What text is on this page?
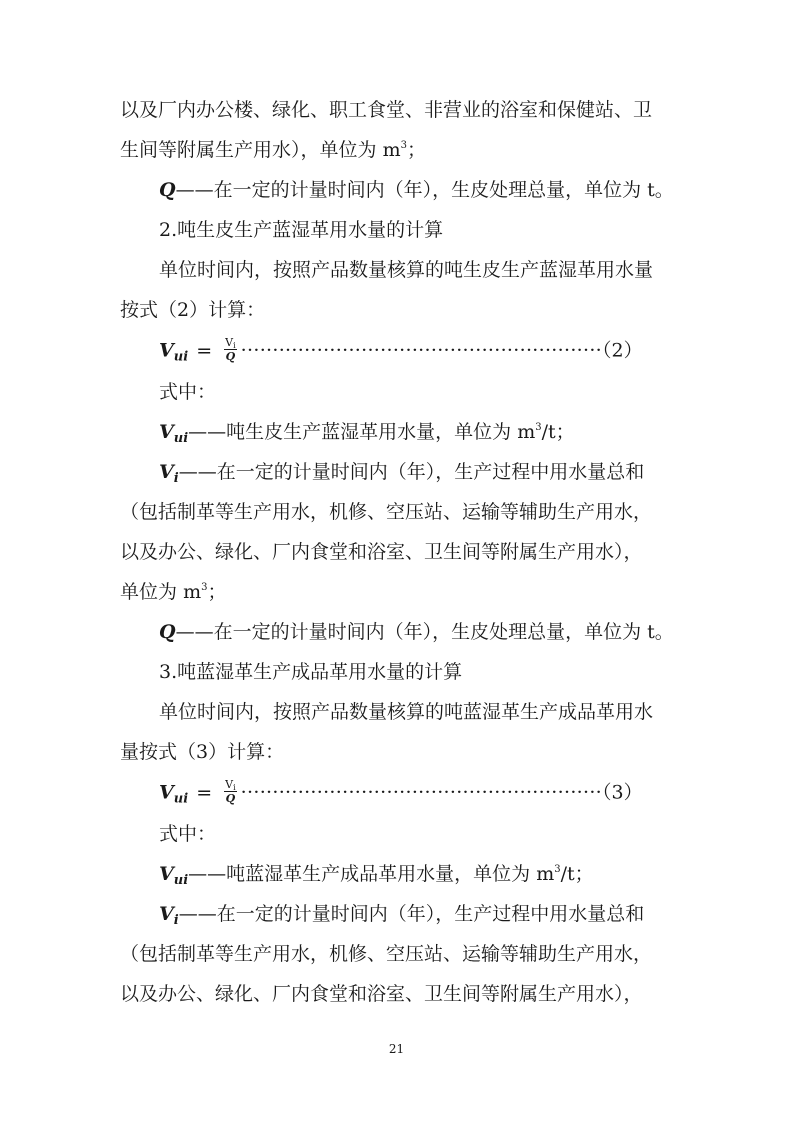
以及厂内办公楼、绿化、职工食堂、非营业的浴室和保健站、卫
生间等附属生产用水），单位为 $m^3$；
Q——在一定的计量时间内（年），生皮处理总量，单位为 t。
2.吨生皮生产蓝湿革用水量的计算
单位时间内，按照产品数量核算的吨生皮生产蓝湿革用水量
按式（2）计算：
$V_{ui} = \frac{V_i}{Q} \cdot\cdot\cdot\cdot\cdot\cdot\cdot\cdot\cdot\cdot\cdot\cdot\cdot\cdot\cdot\cdot\cdot\cdot\cdot\cdot\cdot\cdot\cdot\cdot\cdot\cdot\cdot\cdot\cdot\cdot\cdot\cdot\cdot\cdot\cdot\cdot\cdot\cdot\cdot\cdot\cdot\cdot\cdot\cdot\cdot\cdot\cdot\cdot\cdot\cdot\cdot\cdot\cdot\cdot\cdot\cdot\cdot(2)$
式中：
$V_{ui}——$吨生皮生产蓝湿革用水量，单位为 $m^3/t$；
$V_i——$在一定的计量时间内（年），生产过程中用水量总和
（包括制革等生产用水，机修、空压站、运输等辅助生产用水，
以及办公、绿化、厂内食堂和浴室、卫生间等附属生产用水），
单位为 $m^3$；
Q——在一定的计量时间内（年），生皮处理总量，单位为 t。
3.吨蓝湿革生产成品革用水量的计算
单位时间内，按照产品数量核算的吨蓝湿革生产成品革用水
量按式（3）计算：
$V_{ui} = \frac{V_i}{Q} \cdot\cdot\cdot\cdot\cdot\cdot\cdot\cdot\cdot\cdot\cdot\cdot\cdot\cdot\cdot\cdot\cdot\cdot\cdot\cdot\cdot\cdot\cdot\cdot\cdot\cdot\cdot\cdot\cdot\cdot\cdot\cdot\cdot\cdot\cdot\cdot\cdot\cdot\cdot\cdot\cdot\cdot\cdot\cdot\cdot\cdot\cdot\cdot\cdot\cdot\cdot\cdot\cdot\cdot\cdot\cdot\cdot(3)$
式中：
$V_{ui}——$吨蓝湿革生产成品革用水量，单位为 $m^3/t$；
$V_i——$在一定的计量时间内（年），生产过程中用水量总和
（包括制革等生产用水，机修、空压站、运输等辅助生产用水，
以及办公、绿化、厂内食堂和浴室、卫生间等附属生产用水），
21
